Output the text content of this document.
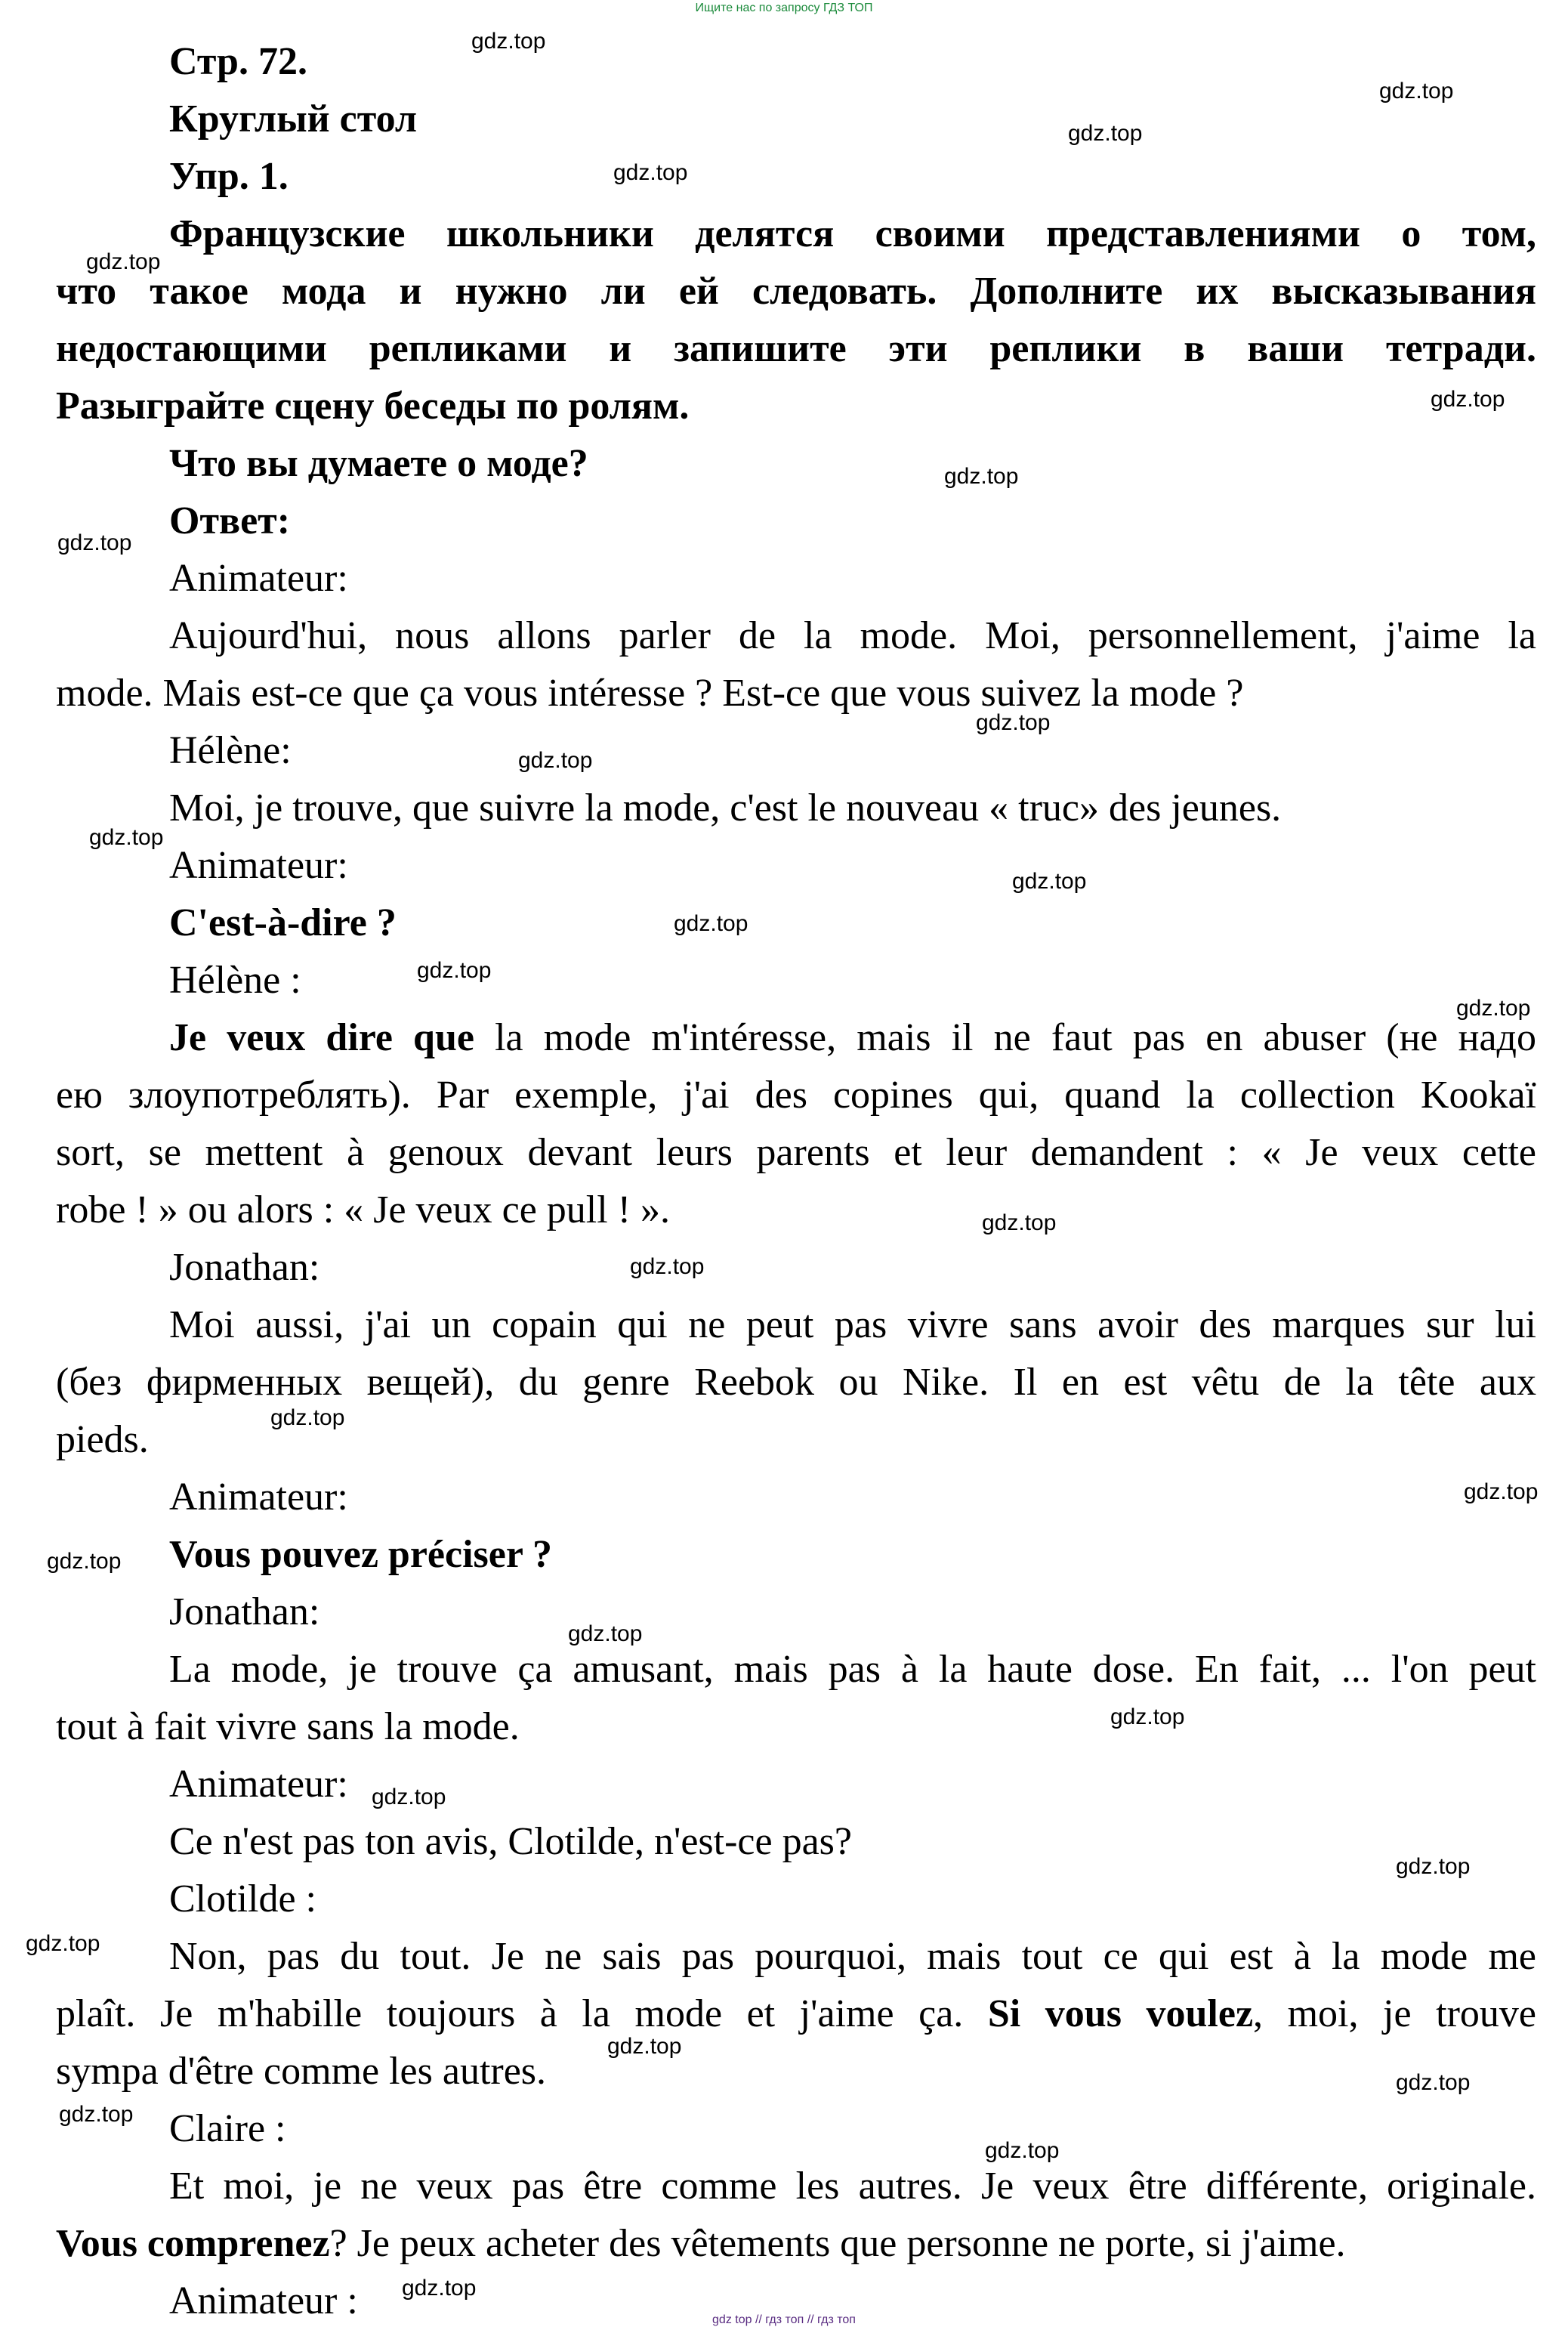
Ищите нас по запросу ГДЗ ТОП
Стр. 72.
Круглый стол
Упр. 1.
Французские школьники делятся своими представлениями о том,
что такое мода и нужно ли ей следовать. Дополните их высказывания
недостающими репликами и запишите эти реплики в ваши тетради.
Разыграйте сцену беседы по ролям.
Что вы думаете о моде?
Ответ:
Animateur:
Aujourd'hui, nous allons parler de la mode. Moi, personnellement, j'aime la
mode. Mais est-ce que ça vous intéresse ? Est-ce que vous suivez la mode ?
Hélène:
Moi, je trouve, que suivre la mode, c'est le nouveau « truc» des jeunes.
Animateur:
C'est-à-dire ?
Hélène :
Je veux dire que la mode m'intéresse, mais il ne faut pas en abuser (не надо
ею злоупотреблять). Par exemple, j'ai des copines qui, quand la collection Kookaï
sort, se mettent à genoux devant leurs parents et leur demandent : « Je veux cette
robe ! » ou alors : « Je veux ce pull ! ».
Jonathan:
Moi aussi, j'ai un copain qui ne peut pas vivre sans avoir des marques sur lui
(без фирменных вещей), du genre Reebok ou Nike. Il en est vêtu de la tête aux
pieds.
Animateur:
Vous pouvez préciser ?
Jonathan:
La mode, je trouve ça amusant, mais pas à la haute dose. En fait, ... l'on peut
tout à fait vivre sans la mode.
Animateur:
Ce n'est pas ton avis, Clotilde, n'est-ce pas?
Clotilde :
Non, pas du tout. Je ne sais pas pourquoi, mais tout ce qui est à la mode me
plaît. Je m'habille toujours à la mode et j'aime ça. Si vous voulez, moi, je trouve
sympa d'être comme les autres.
Claire :
Et moi, je ne veux pas être comme les autres. Je veux être différente, originale.
Vous comprenez? Je peux acheter des vêtements que personne ne porte, si j'aime.
Animateur :
gdz.top
gdz.top
gdz.top
gdz.top
gdz.top
gdz.top
gdz.top
gdz.top
gdz.top
gdz.top
gdz.top
gdz.top
gdz.top
gdz.top
gdz.top
gdz.top
gdz.top
gdz.top
gdz.top
gdz.top
gdz.top
gdz.top
gdz.top
gdz.top
gdz.top
gdz.top
gdz.top
gdz.top
gdz.top
gdz.top
gdz top // гдз топ // гдз топ
